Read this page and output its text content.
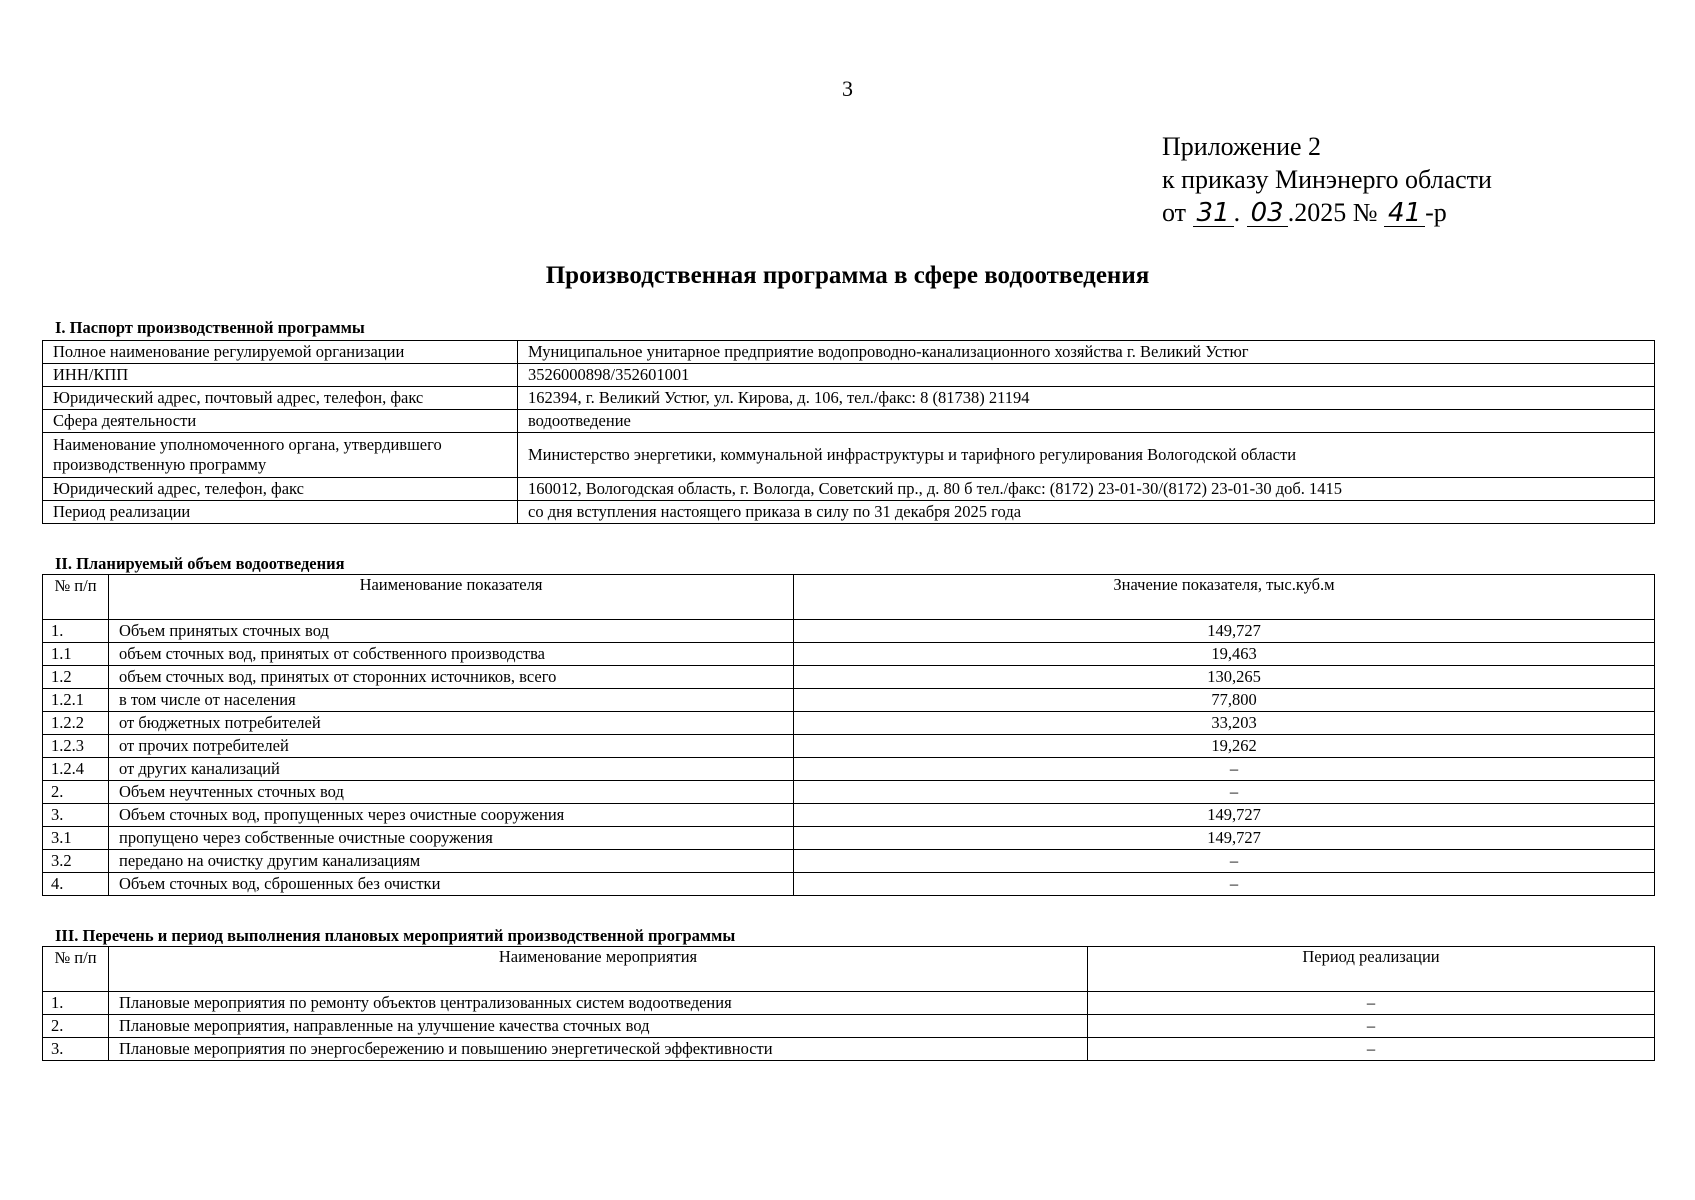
3
Приложение 2
к приказу Минэнерго области
от 31 . 03 .2025 № 41 -р
Производственная программа в сфере водоотведения
I. Паспорт производственной программы
Полное наименование регулируемой организации	Муниципальное унитарное предприятие водопроводно-канализационного хозяйства г. Великий Устюг
ИНН/КПП	3526000898/352601001
Юридический адрес, почтовый адрес, телефон, факс	162394, г. Великий Устюг, ул. Кирова, д. 106, тел./факс: 8 (81738) 21194
Сфера деятельности	водоотведение
Наименование уполномоченного органа, утвердившего производственную программу	Министерство энергетики, коммунальной инфраструктуры и тарифного регулирования Вологодской области
Юридический адрес, телефон, факс	160012, Вологодская область, г. Вологда, Советский пр., д. 80 б тел./факс: (8172) 23-01-30/(8172) 23-01-30 доб. 1415
Период реализации	со дня вступления настоящего приказа в силу по 31 декабря 2025 года
II. Планируемый объем водоотведения
№ п/п	Наименование показателя	Значение показателя, тыс.куб.м
1.	Объем принятых сточных вод	149,727
1.1	объем сточных вод, принятых от собственного производства	19,463
1.2	объем сточных вод, принятых от сторонних источников, всего	130,265
1.2.1	в том числе от населения	77,800
1.2.2	от бюджетных потребителей	33,203
1.2.3	от прочих потребителей	19,262
1.2.4	от других канализаций	–
2.	Объем неучтенных сточных вод	–
3.	Объем сточных вод, пропущенных через очистные сооружения	149,727
3.1	пропущено через собственные очистные сооружения	149,727
3.2	передано на очистку другим канализациям	–
4.	Объем сточных вод, сброшенных без очистки	–
III. Перечень и период выполнения плановых мероприятий производственной программы
№ п/п	Наименование мероприятия	Период реализации
1.	Плановые мероприятия по ремонту объектов централизованных систем водоотведения	–
2.	Плановые мероприятия, направленные на улучшение качества сточных вод	–
3.	Плановые мероприятия по энергосбережению и повышению энергетической эффективности	–
